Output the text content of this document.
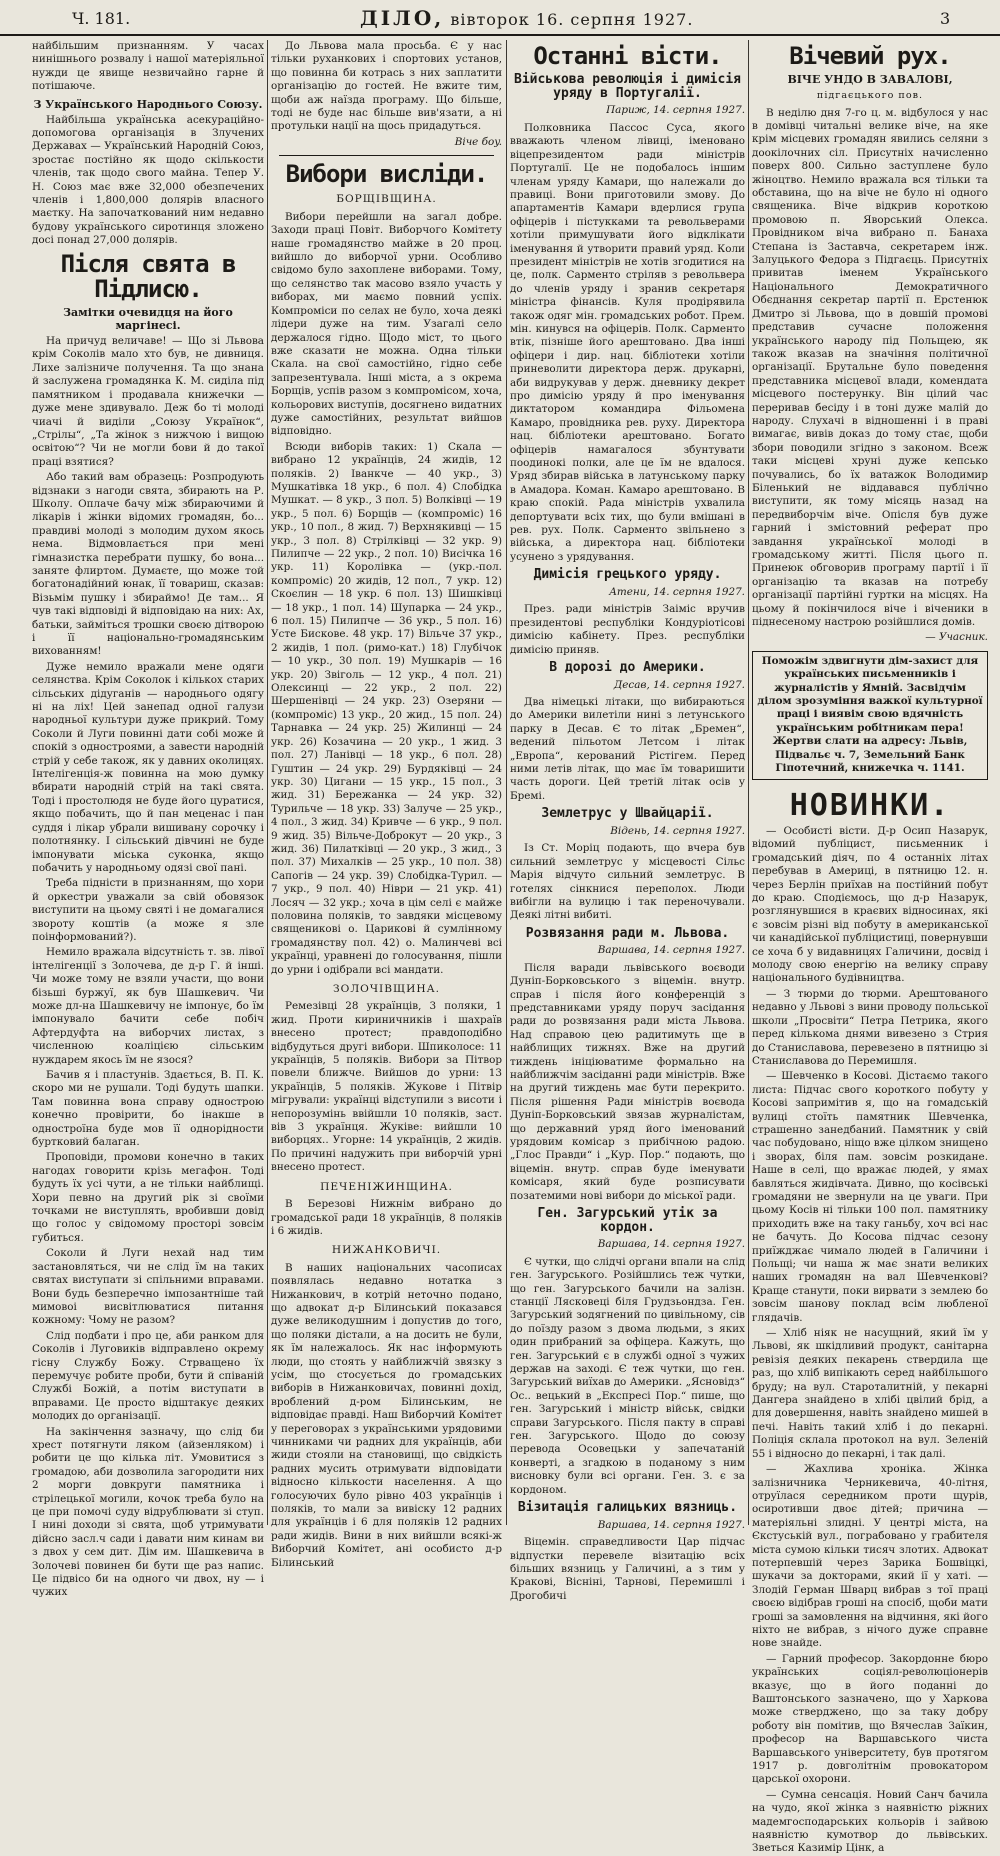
Ч. 181.	ДІЛО, вівторок 16. серпня 1927.	3

найбільшим признанням. У часах нинішнього розвалу і нашої матеріяльної нужди це явище незвичайно гарне й потішаюче.

З Українського Народнього Союзу.

Найбільша українська асекураційно-допомогова організація в Злучених Державах — Український Народній Союз, зростає постійно як щодо скількости членів, так щодо свого майна. Тепер У. Н. Союз має вже 32,000 обезпечених членів і 1,800,000 долярів власного маєтку. На започаткований ним недавно будову українського сиротинця зложено досі понад 27,000 долярів.

Після свята в Підлисю.
Замітки очевидця на його маргінесі.

На причуд величаве! — Що зі Львова крім Соколів мало хто був, не дивниця. Лихе залізниче получення. Та що знана й заслужена громадянка К. М. сиділа під памятником і продавала книжечки — дуже мене здивувало. Деж бо ті молоді чиачі й виділи „Союзу Українок“, „Стрілы“, „Та жінок з нижчою і вищою освітою“? Чи не могли бови й до такої праці взятися?

Або такий вам образець: Розпродують відзнаки з нагоди свята, збирають на Р. Школу. Оплаче бачу між збираючими й лікарів і жінки відомих громадян, бо... правдиві молоді з молодим духом якось нема. Відмовлається при мені гімназистка перебрати пушку, бо вона... заняте флиртом. Думаєте, що може той богатонадійний юнак, її товариш, сказав: Візьмім пушку і збираймо! Де там... Я чув такі відповіді й відповідаю на них: Ах, батьки, займіться трошки своєю дітворою і її національно-громадянським вихованням!

Дуже немило вражали мене одяги селянства. Крім Соколок і кількох старих сільських дідуганів — народнього одягу ні на ліх! Цей занепад одної галузи народньої культури дуже прикрий. Тому Соколи й Луги повинні дати собі може й спокій з одностроями, а завести народній стрій у себе також, як у давних околицях. Інтелігенція-ж повинна на мою думку вбирати народній стрій на такі свята. Тоді і простолюдя не буде його цуратися, якщо побачить, що й пан меценас і пан суддя і лікар убрали вишивану сорочку і полотнянку. І сільський дівчині не буде імпонувати міська суконка, якщо побачить у народньому одязі свої пані.

Треба підністи в признанням, що хори й оркестри уважали за свій обовязок виступити на цьому святі і не домагалися звороту коштів (а може я зле поінформований?).

Немило вражала відсутність т. зв. лівої інтелігенції з Золочева, де д-р Г. й інші. Чи може тому не взяли участи, що вони бізьші буржуї, як був Шашкевич. Чи може дл-на Шашкевичу не імпонує, бо їм імпонувало бачити себе побіч Афтердуфта на виборчих листах, з численною коаліцією сільським нуждарем якось їм не язося?

Бачив я і пластунів. Здається, В. П. К. скоро ми не рушали. Тоді будуть шапки. Там повинна вона справу однострою конечно провірити, бо інакше в одностроїна буде мов її однорідности буртковий балаган.

Проповіди, промови конечно в таких нагодах говорити крізь мегафон. Тоді будуть їх усі чути, а не тільки найблищі. Хори певно на другий рік зі своїми точками не виступлять, вробивши довід що голос у свідомому просторі зовсім губиться.

Соколи й Луги нехай над тим застановляться, чи не слід їм на таких святах виступати зі спільними вправами. Вони будь безперечно імпозантніше тай мимовоі висвітлюватися питання кожному: Чому не разом?

Слід подбати і про це, аби ранком для Соколів і Луговиків відправлено окрему гісну Службу Божу. Стрващено їх перемучує робите проби, бути й співаній Службі Божій, а потім виступати в вправами. Це просто відштакує деяких молодих до організації.

На закінчення зазначу, що слід би хрест потягнути ляком (айзенляком) і робити це що кілька літ. Умовитися з громадою, аби дозволила загородити них 2 морги довкруги памятника і стрілецької могили, кочок треба було на це при помочі суду відрублювати зі ступ. І нині доходи зі свята, щоб утримувати дійсно засл.ч сади і давати ним кинам ви з двох у сем дит. Дім им. Шашкевича в Золочеві повинен би бути ще раз напис. Це підвісо би на одного чи двох, ну — і чужих

До Львова мала просьба. Є у нас тільки руханкових і спортових установ, що повинна би котрась з них заплатити організацію до гостей. Не вжите тим, щоби аж наїзда програму. Що більше, тоді не буде нас більше вив'язати, а ні протульки нації на щось придадуться.

Віче бoy.
Вибори висліди.
БОРЩІВЩИНА.

Вибори перейшли на загал добре. Заходи праці Повіт. Виборчого Комітету наше громадянство майже в 20 проц. вийшло до виборчої урни. Особливо свідомо було захоплене виборами. Тому, що селянство так масово взяло участь у виборах, ми маємо повний успіх. Компроміси по селах не було, хоча деякі лідери дуже на тим. Узагалі село держалося гідно. Щодо міст, то цього вже сказати не можна. Одна тільки Скала. на свої самостійно, гідно себе запрезентувала. Інші міста, а з окрема Борщів, успів разом з компромісом, хоча, кольорових виступів, досягнено видатних дуже самостійних, результат вийшов відповідно.

Всюди виборів таких: 1) Скала — вибрано 12 українців, 24 жидів, 12 поляків. 2) Іванкче — 40 укр., 3) Мушкатівка 18 укр., 6 пол. 4) Слобідка Мушкат. — 8 укр., 3 пол. 5) Волківці — 19 укр., 5 пол. 6) Борщів — (компроміс) 16 укр., 10 пол., 8 жид. 7) Верхнякивці — 15 укр., 3 пол. 8) Стрілківці — 32 укр. 9) Пилипче — 22 укр., 2 пол. 10) Висічка 16 укр. 11) Королівка — (укр.-пол. компроміс) 20 жидів, 12 пол., 7 укр. 12) Скоєлин — 18 укр. 6 пол. 13) Шишківці — 18 укр., 1 пол. 14) Шупарка — 24 укр., 6 пол. 15) Пилипче — 36 укр., 5 пол. 16) Усте Бискове. 48 укр. 17) Вільче 37 укр., 2 жидів, 1 пол. (римо-кат.) 18) Глубічок — 10 укр., 30 пол. 19) Мушкарів — 16 укр. 20) Звіголь — 12 укр., 4 пол. 21) Олексинці — 22 укр., 2 пол. 22) Шершенівці — 24 укр. 23) Озеряни — (компроміс) 13 укр., 20 жид., 15 пол. 24) Тарнавка — 24 укр. 25) Жилинці — 24 укр. 26) Козачина — 20 укр., 1 жид. 3 пол. 27) Ланівці — 18 укр., 6 пол. 28) Гуштин — 24 укр. 29) Бурдяківці — 24 укр. 30) Цигани — 15 укр., 15 пол., 3 жид. 31) Бережанка — 24 укр. 32) Турильче — 18 укр. 33) Залуче — 25 укр., 4 пол., 3 жид. 34) Кривче — 6 укр., 9 пол. 9 жид. 35) Вільче-Доброкут — 20 укр., 3 жид. 36) Пилатківці — 20 укр., 3 жид., 3 пол. 37) Михалків — 25 укр., 10 пол. 38) Сапогів — 24 укр. 39) Слобідка-Турил. — 7 укр., 9 пол. 40) Ніври — 21 укр. 41) Лосяч — 32 укр.; хоча в цім селі є майже половина поляків, то завдяки місцевому священикові о. Царикові й сумлінному громадянству пол. 42) о. Малинчеві всі українці, уравнені до голосування, пішли до урни і одібрали всі мандати.

ЗОЛОЧІВЩИНА.

Ремезівці 28 українців, 3 поляки, 1 жид. Проти кириничників і шахраїв внесено протест; правдоподібно відбудуться другі вибори. Шпиколосе: 11 українців, 5 поляків. Вибори за Пітвор повели ближче. Вийшов до урни: 13 українців, 5 поляків. Жукове і Пітвір мігрували: українці відступили з висоти і непорозумінь ввійшли 10 поляків, заст. вів 3 українця. Жуківе: вийшли 10 виборцях.. Угорне: 14 українців, 2 жидів. По причині надужить при виборчій урні внесено протест.

ПЕЧЕНІЖИНЩИНА.

В Березові Нижнім вибрано до громадської ради 18 українців, 8 поляків і 6 жидів.

НИЖАНКОВИЧІ.

В наших національних часописах появлялась недавно нотатка з Нижанкович, в котрій неточно подано, що адвокат д-р Білинський показався дуже великодушним і допустив до того, що поляки дістали, а на досить не були, як їм належалось. Як нас інформують люди, що стоять у найближчій звязку з усім, що стосується до громадських виборів в Нижанковичах, повинні дохід, вроблений д-ром Білинським, не відповідає правді. Наш Виборчий Комітет у переговорах з українськими урядовими чинниками чи радних для українців, аби жиди стояли на становищі, що свідкість радних мусить отримувати відповідати відносно кількости населення. А що голосуючих було рівно 403 українців і поляків, то мали за вивіску 12 радних для українців і 6 для поляків 12 радних ради жидів. Вини в них вийшли всякі-ж Виборчий Комітет, ані особисто д-р Білинський

Останні вісти.
Військова революція і димісія уряду в Португалії.
Париж, 14. серпня 1927.

Полковника Пассос Суса, якого вважають членом лівиці, іменовано віцепрезидентом ради міністрів Португалії. Це не подобалось іншим членам уряду Камари, що належали до правиці. Вони приготовили змову. До апартаментів Камари вдерлися група офіцерів і пістукками та револьверами хотіли примушувати його відклікати іменування й утворити правий уряд. Коли президент міністрів не хотів згодитися на це, полк. Сарменто стріляв з револьвера до членів уряду і зранив секретаря міністра фінансів. Куля продірявила також одяг мін. громадських робот. Прем. мін. кинувся на офіцерів. Полк. Сарменто втік, пізніше його арештовано. Два інші офіцери і дир. нац. бібліотеки хотіли приневолити директора держ. друкарні, аби видрукував у держ. дневнику декрет про димісію уряду й про іменування диктатором командира Фільомена Камаро, провідника рев. руху. Директора нац. бібліотеки арештовано. Богато офіцерів намагалося збунтувати поодинокі полки, але це їм не вдалося. Уряд збирав війська в латунському парку в Амадора. Коман. Камаро арештовано. В краю спокій. Рада міністрів ухвалила депортувати всіх тих, що були вмішані в рев. рух. Полк. Сарменто звільнено з війська, а директора нац. бібліотеки усунено з урядування.

Димісія грецького уряду.
Атени, 14. серпня 1927.

През. ради міністрів Заіміс вручив президентові республіки Кондуріотісові димісію кабінету. През. республіки димісію приняв.

В дорозі до Америки.
Десав, 14. серпня 1927.

Два німецькі літаки, що вибираються до Америки вилетіли нині з летунського парку в Десав. Є то літак „Бремен“, ведений пільотом Летсом і літак „Европа“, керований Рістігем. Перед ними летів літак, що має їм товаришити часть дороги. Цей третій літак осів у Бремі.

Землетрус у Швайцарії.
Відень, 14. серпня 1927.

Із Ст. Моріц подають, що вчера був сильний землетрус у місцевості Сільс Марія відчуто сильний землетрус. В готелях сінкнися переполох. Люди вибігли на вулицю і так переночували. Деякі літні вибиті.

Розвязання ради м. Львова.
Варшава, 14. серпня 1927.

Після варади львівського воєводи Дуніп-Борковського з віцемін. внутр. справ і після його конференцій з представниками уряду поруч засідання ради до розвязання ради міста Львова. Над справою цею радитимуть ще в найблищих тижнях. Вже на другий тиждень ініціюватиме формально на найближчім засіданні ради міністрів. Вже на другий тиждень має бути перекрито. Після рішення Ради міністрів воєвода Дуніп-Борковський звязав журналістам, що державний уряд його іменований урядовим комісар з прибічною радою. „Глос Правди“ і „Кур. Пор.“ подають, що віцемін. внутр. справ буде іменувати комісаря, який буде розписувати позатемими нові вибори до міської ради.

Ген. Загурський утік за кордон.
Варшава, 14. серпня 1927.

Є чутки, що слідчі органи впали на слід ген. Загурського. Розійшлись теж чутки, що ген. Загурського бачили на залізн. станції Лясковеці біля Грудзьондза. Ген. Загурський зодягнений по цивільному, сів до поїзду разом з двома людьми, з яких один прибраний за офіцера. Кажуть, що ген. Загурський є в службі одної з чужих держав на заході. Є теж чутки, що ген. Загурський виїхав до Америки. „Ясновідз“ Ос.. вецький в „Експресі Пор.“ пише, що ген. Загурський і міністр військ, свідки справи Загурського. Після пакту в справі ген. Загурського. Щодо до союзу перевода Осовецьки у запечатаній конверті, а згадкою в поданому з ним висновку були всі органи. Ген. З. є за кордоном.

Візитація галицьких вязниць.
Варшава, 14. серпня 1927.

Віцемін. справедливости Цар підчас відпустки перевеле візитацію всіх більших вязниць у Галичині, а з тим у Кракові, Вісніні, Тарнові, Перемишлі і Дрогобичі

Вічевий рух.
ВІЧЕ УНДО В ЗАВАЛОВІ,
підгаєцького пов.

В неділю дня 7-го ц. м. відбулося у нас в домівці читальні велике віче, на яке крім місцевих громадян явились селяни з доокілочних сіл. Присутніх начисленно поверх 800. Сильно заступлене було жіноцтво. Немило вражала вся тільки та обставина, що на віче не було ні одного священика. Віче відкрив короткою промовою п. Яворський Олекса. Провідником віча вибрано п. Банаха Степана із Заставча, секретарем інж. Залуцького Федора з Підгаєць. Присутніх привитав іменем Українського Національного Демократичного Обєднання секретар партії п. Ерстенюк Дмитро зі Львова, що в довшій промові представив сучасне положення українського народу під Польщею, як також вказав на значіння політичної організації. Брутальне було поведення представника місцевої влади, комендата місцевого постерунку. Він цілий час переривав бесіду і в тоні дуже малій до народу. Слухачі в відношенні і в праві вимагає, вивів доказ до тому стає, щоби збори поводили згідно з законом. Всеж таки місцеві хруні дуже кепсько почувались, бо їх ватажок Володимир Біленький не віддавався публічно виступити, як тому місяць назад на передвиборчім віче. Опісля був дуже гарний і змістовний реферат про завдання української молоді в громадському житті. Після цього п. Принеюк обговорив програму партії і її організацію та вказав на потребу організації партійні гуртки на місцях. На цьому й покінчилося віче і віченики в піднесеному настрою розійшлися домів.

— Учасник.
Поможім здвигнути дім-захист для українських письменників і журналістів у Ямній. Засвідчім ділом зрозуміння важкої культурної праці і виявім свою вдячність українським робітникам пера! Жертви слати на адресу: Львів, Підвальє ч. 7, Земельний Банк Гіпотечний, книжечка ч. 1141.
НОВИНКИ.

— Особисті вісти. Д-р Осип Назарук, відомий публіцист, письменник і громадський діяч, по 4 останніх літах перебував в Америці, в пятницю 12. н. через Берлін приїхав на постійний побут до краю. Сподіємось, що д-р Назарук, розглянувшися в краєвих відносинах, які є зовсім різні від побуту в американської чи канадійської публіцистиці, повернувши се хоча б у видавницях Галичини, досвід і молоду свою енергію на велику справу національного будівництва.

— З тюрми до тюрми. Арештованого недавно у Львові з вини проводу польської школи „Просвіти“ Петра Петрика, якого перед кількома днями вивезено з Стрия до Станиславова, перевезено в пятницю зі Станиславова до Перемишля.

— Шевченко в Косові. Дістаємо такого листа: Підчас свого короткого побуту у Косові запримітив я, що на гомадській вулиці стоїть памятник Шевченка, страшенно занедбаний. Памятник у свій час побудовано, ніщо вже цілком знищено і зворах, біля пам. зовсім розкидане. Наше в селі, що вражає людей, у ямах бавляться жидівчата. Дивно, що косівські громадяни не звернули на це уваги. При цьому Косів ні тільки 100 пол. памятнику приходить вже на таку ганьбу, хоч всі нас не бачуть. До Косова підчас сезону приїжджає чимало людей в Галичини і Польщі; чи наша ж має знати великих наших громадян на вал Шевченкові? Краще станути, поки вирвати з землею бо зовсім шанову поклад всім любленої глядачів.

— Хліб ніяк не насущний, який їм у Львові, як шкідливий продукт, санітарна ревізія деяких пекарень ствердила ще раз, що хліб випікають серед найбільшого бруду; на вул. Староталитній, у пекарні Дангера знайдено в хлібі цвілий брід, а для довершення, навіть знайдено мишей в печі. Навіть такий хліб і до пекарні. Поліція склала протокол на вул. Зеленій 55 i відносно до пекарні, і так далі.

— Жахлива хроніка. Жінка залізничника Черникевича, 40-літня, отруїлася середником проти щурів, осиротивши двоє дітей; причина — матеріяльні злидні. У центрі міста, на Єкстуській вул., пограбовано у грабителя міста сумою кільки тисяч злотих. Адвокат потерпевшій через Зарика Бошвіцкі, шукачи за докторами, який ії у хаті. — Злодій Герман Шварц вибрав з тої праці своєю відібрав гроші на спосіб, щоби мати гроші за замовлення на відчиння, які його ніхто не вибрав, з нічого дуже справне нове знайде.

— Гарний професор. Закордонне бюро українських соціял-революціонерів вказує, що в його поданні до Ваштонського зазначено, що у Харкова може стверджено, що за таку добру роботу він помітив, що Вячеслав Заїкин, професор на Варшавського чиста Варшавського університету, був протягом 1917 р. довголітнім провокатором царської охорони.

— Сумна сенсація. Новий Санч бачила на чудо, якої жінка з наявністю ріжних мадемгосподарських кольорів і зайвою наявністю кумотвор до львівських. Зветься Казимір Цінк, а
